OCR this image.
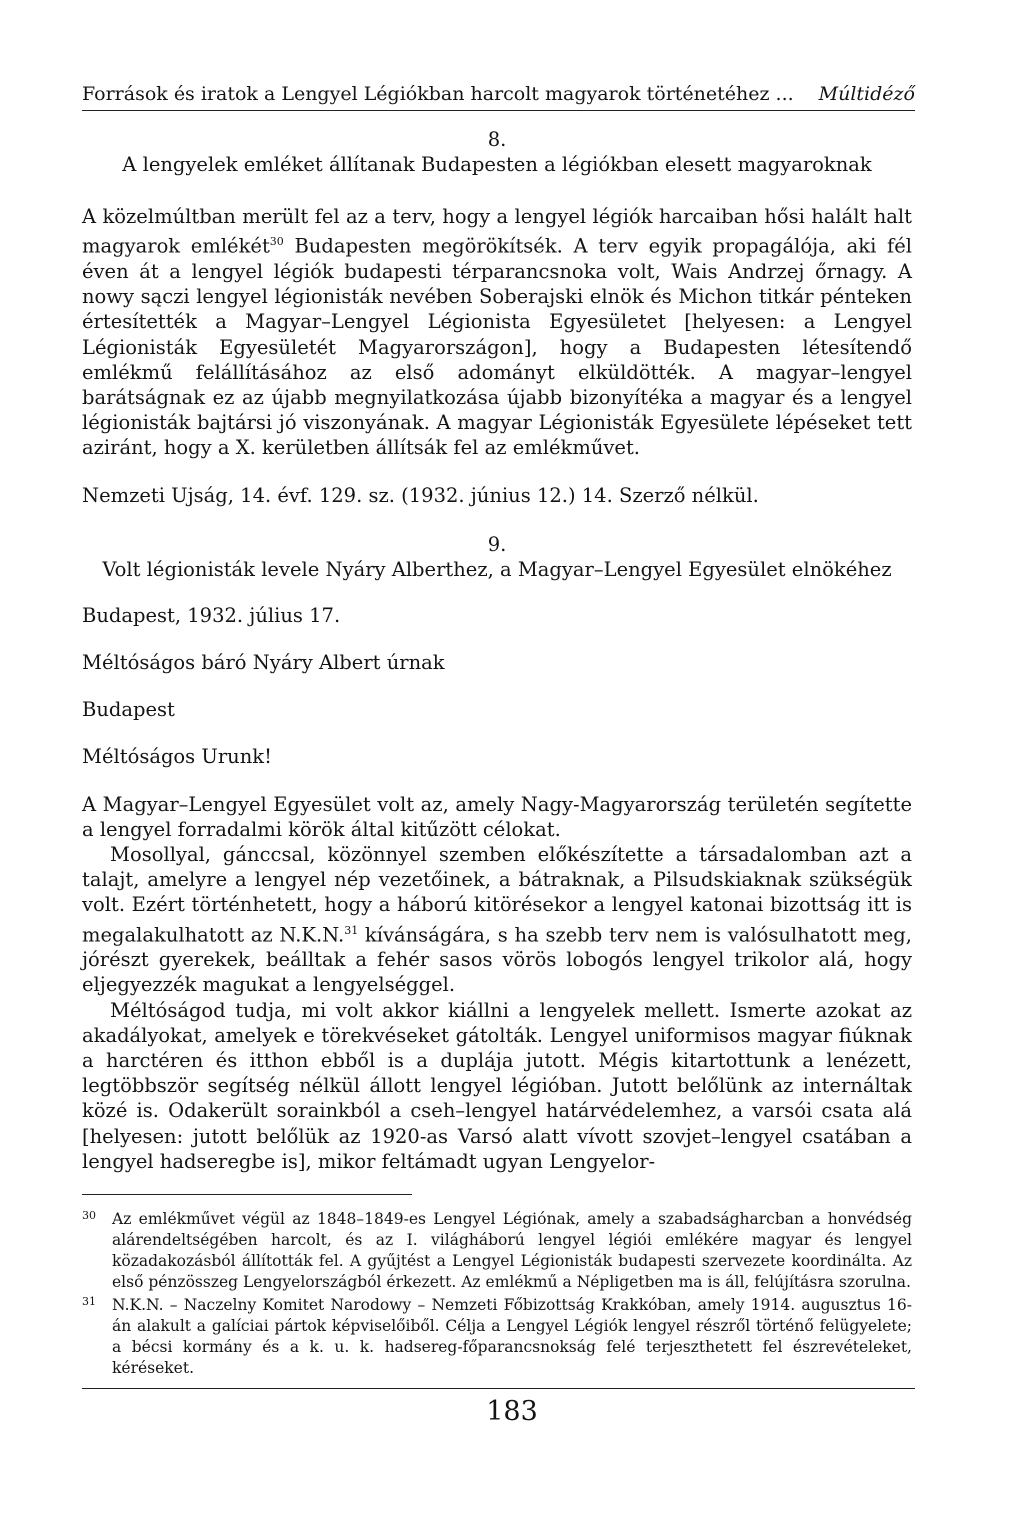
Források és iratok a Lengyel Légiókban harcolt magyarok történetéhez ... Múltidéző
8.
A lengyelek emléket állítanak Budapesten a légiókban elesett magyaroknak

A közelmúltban merült fel az a terv, hogy a lengyel légiók harcaiban hősi halált halt magyarok emlékét$^{30}$ Budapesten megörökítsék. A terv egyik propagálója, aki fél éven át a lengyel légiók budapesti térparancsnoka volt, Wais Andrzej őrnagy. A nowy sączi lengyel légionisták nevében Soberajski elnök és Michon titkár pénteken értesítették a Magyar–Lengyel Légionista Egyesületet [helyesen: a Lengyel Légionisták Egyesületét Magyarországon], hogy a Budapesten létesítendő emlékmű felállításához az első adományt elküldötték. A magyar–lengyel barátságnak ez az újabb megnyilatkozása újabb bizonyítéka a magyar és a lengyel légionisták bajtársi jó viszonyának. A magyar Légionisták Egyesülete lépéseket tett aziránt, hogy a X. kerületben állítsák fel az emlékművet.

Nemzeti Ujság, 14. évf. 129. sz. (1932. június 12.) 14. Szerző nélkül.

9.
Volt légionisták levele Nyáry Alberthez, a Magyar–Lengyel Egyesület elnökéhez

Budapest, 1932. július 17.

Méltóságos báró Nyáry Albert úrnak

Budapest

Méltóságos Urunk!

A Magyar–Lengyel Egyesület volt az, amely Nagy-Magyarország területén segítette a lengyel forradalmi körök által kitűzött célokat.

Mosollyal, gánccsal, közönnyel szemben előkészítette a társadalomban azt a talajt, amelyre a lengyel nép vezetőinek, a bátraknak, a Pilsudskiaknak szükségük volt. Ezért történhetett, hogy a háború kitörésekor a lengyel katonai bizottság itt is megalakulhatott az N.K.N.$^{31}$ kívánságára, s ha szebb terv nem is valósulhatott meg, jórészt gyerekek, beálltak a fehér sasos vörös lobogós lengyel trikolor alá, hogy eljegyezzék magukat a lengyelséggel.

Méltóságod tudja, mi volt akkor kiállni a lengyelek mellett. Ismerte azokat az akadályokat, amelyek e törekvéseket gátolták. Lengyel uniformisos magyar fiúknak a harctéren és itthon ebből is a duplája jutott. Mégis kitartottunk a lenézett, legtöbbször segítség nélkül állott lengyel légióban. Jutott belőlünk az internáltak közé is. Odakerült sorainkból a cseh–lengyel határvédelemhez, a varsói csata alá [helyesen: jutott belőlük az 1920-as Varsó alatt vívott szovjet–lengyel csatában a lengyel hadseregbe is], mikor feltámadt ugyan Lengyelor-

30	Az emlékművet végül az 1848–1849-es Lengyel Légiónak, amely a szabadságharcban a honvédség alárendeltségében harcolt, és az I. világháború lengyel légiói emlékére magyar és lengyel közadakozásból állították fel. A gyűjtést a Lengyel Légionisták budapesti szervezete koordinálta. Az első pénzösszeg Lengyelországból érkezett. Az emlékmű a Népligetben ma is áll, felújításra szorulna.
31	N.K.N. – Naczelny Komitet Narodowy – Nemzeti Főbizottság Krakkóban, amely 1914. augusztus 16-án alakult a galíciai pártok képviselőiből. Célja a Lengyel Légiók lengyel részről történő felügyelete; a bécsi kormány és a k. u. k. hadsereg-főparancsnokság felé terjeszthetett fel észrevételeket, kéréseket.
183
